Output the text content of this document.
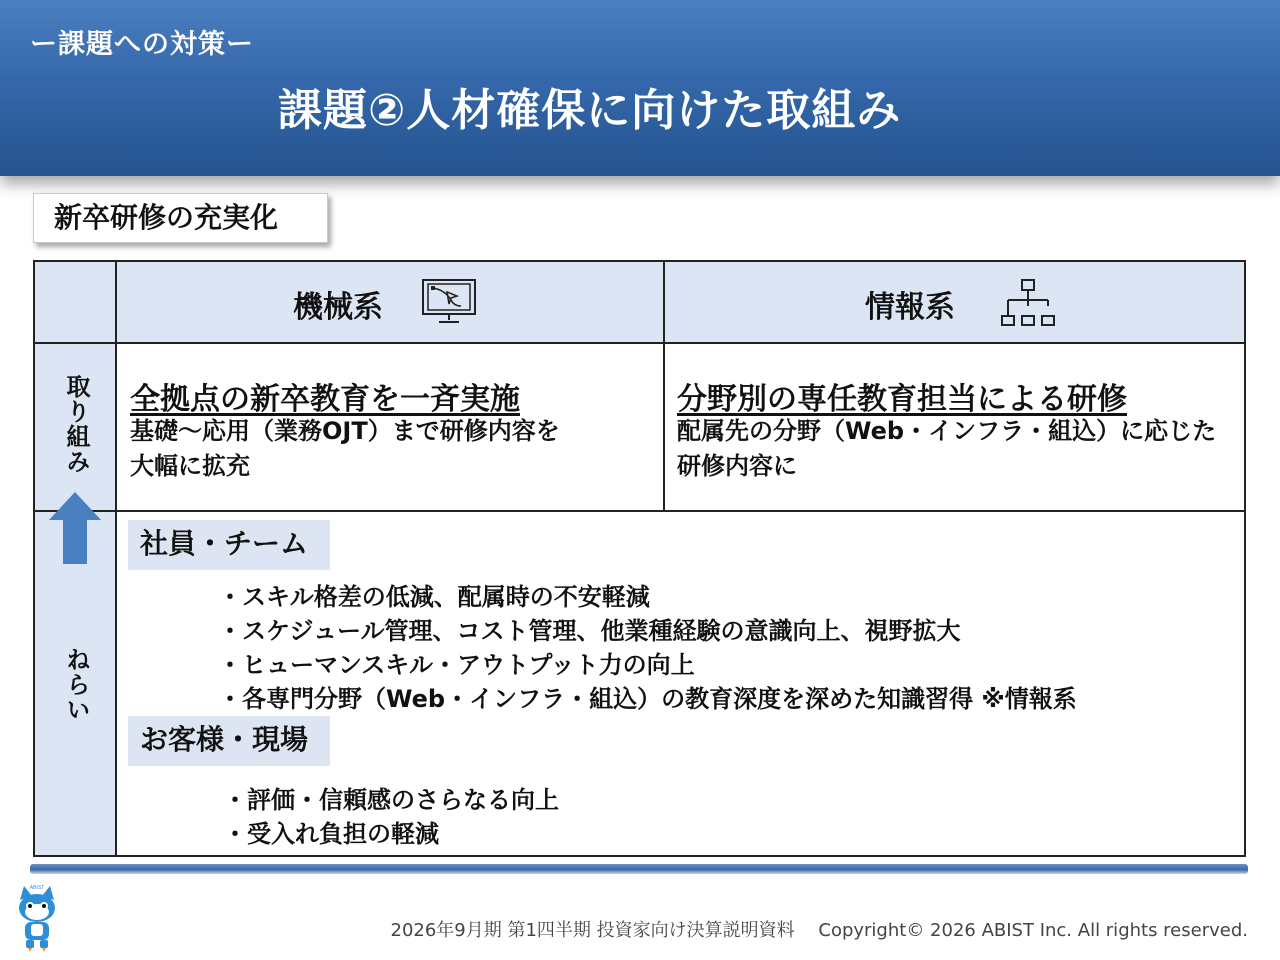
ー課題への対策ー
課題②人材確保に向けた取組み
新卒研修の充実化
機械系	情報系
取り組み
ねらい
全拠点の新卒教育を一斉実施
基礎～応用（業務OJT）まで研修内容を
大幅に拡充
分野別の専任教育担当による研修
配属先の分野（Web・インフラ・組込）に応じた
研修内容に
社員・チーム
・スキル格差の低減、配属時の不安軽減
・スケジュール管理、コスト管理、他業種経験の意識向上、視野拡大
・ヒューマンスキル・アウトプット力の向上
・各専門分野（Web・インフラ・組込）の教育深度を深めた知識習得 ※情報系
お客様・現場
・評価・信頼感のさらなる向上
・受入れ負担の軽減
ABIST
2026年9月期 第1四半期 投資家向け決算説明資料　 Copyright© 2026 ABIST Inc. All rights reserved.
